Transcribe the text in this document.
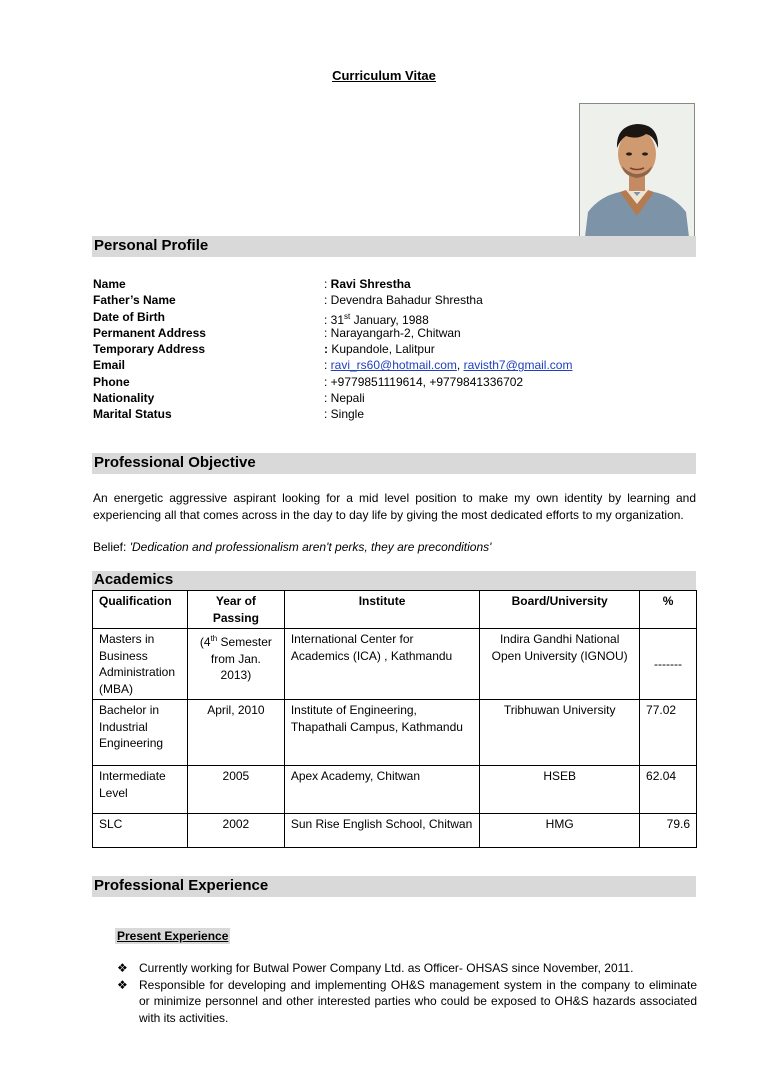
Curriculum Vitae
Personal Profile
Name	: Ravi Shrestha
Father’s Name	: Devendra Bahadur Shrestha
Date of Birth	: 31st January, 1988
Permanent Address	: Narayangarh-2, Chitwan
Temporary Address	: Kupandole, Lalitpur
Email	: ravi_rs60@hotmail.com, ravisth7@gmail.com
Phone	: +9779851119614, +9779841336702
Nationality	: Nepali
Marital Status	: Single
Professional Objective
An energetic aggressive aspirant looking for a mid level position to make my own identity by learning and experiencing all that comes across in the day to day life by giving the most dedicated efforts to my organization.
Belief: 'Dedication and professionalism aren't perks, they are preconditions'
Academics
Qualification	Year of Passing	Institute	Board/University	%
Masters in Business Administration (MBA)	(4th Semester from Jan. 2013)	International Center for Academics (ICA) , Kathmandu	Indira Gandhi National Open University (IGNOU)	-------
Bachelor in Industrial Engineering	April, 2010	Institute of Engineering, Thapathali Campus, Kathmandu	Tribhuwan University	77.02
Intermediate Level	2005	Apex Academy, Chitwan	HSEB	62.04
SLC	2002	Sun Rise English School, Chitwan	HMG	79.6
Professional Experience
Present Experience
❖ Currently working for Butwal Power Company Ltd. as Officer- OHSAS since November, 2011.
❖ Responsible for developing and implementing OH&S management system in the company to eliminate or minimize personnel and other interested parties who could be exposed to OH&S hazards associated with its activities.
